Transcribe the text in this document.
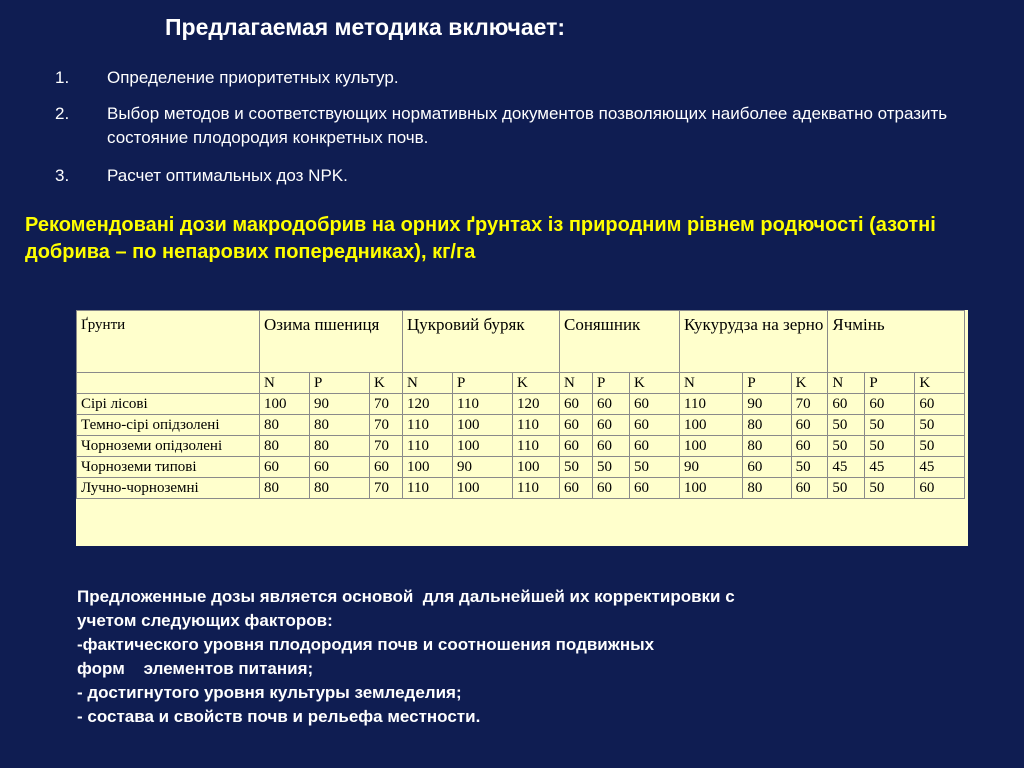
Предлагаемая методика включает:
1.	Определение приоритетных культур.
2.	Выбор методов и соответствующих нормативных документов позволяющих наиболее адекватно отразить состояние плодородия конкретных почв.
3.	Расчет оптимальных доз NPK.
Рекомендовані дози макродобрив на орних ґрунтах із природним рівнем родючості (азотні добрива – по непарових попередниках), кг/га
Ґрунти	Озима пшениця			Цукровий буряк			Соняшник			Кукурудза на зерно			Ячмінь		
	N	P	K	N	P	K	N	P	K	N	P	K	N	P	K
Сірі лісові	100	90	70	120	110	120	60	60	60	110	90	70	60	60	60
Темно-сірі опідзолені	80	80	70	110	100	110	60	60	60	100	80	60	50	50	50
Чорноземи опідзолені	80	80	70	110	100	110	60	60	60	100	80	60	50	50	50
Чорноземи типові	60	60	60	100	90	100	50	50	50	90	60	50	45	45	45
Лучно-чорноземні	80	80	70	110	100	110	60	60	60	100	80	60	50	50	60
Предложенные дозы является основой  для дальнейшей их корректировки с
учетом следующих факторов:
-фактического уровня плодородия почв и соотношения подвижных
форм    элементов питания;
- достигнутого уровня культуры земледелия;
- состава и свойств почв и рельефа местности.
